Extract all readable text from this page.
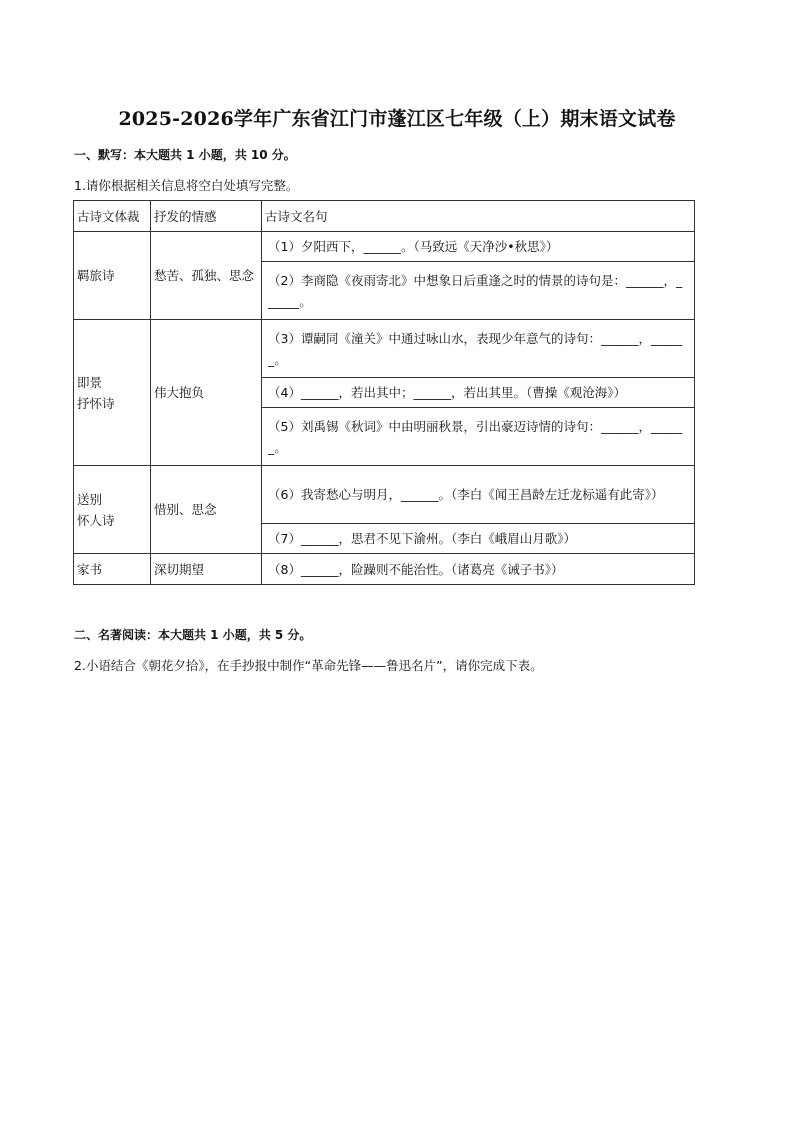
2025-2026学年广东省江门市蓬江区七年级（上）期末语文试卷
一、默写：本大题共 1 小题，共 10 分。
1.请你根据相关信息将空白处填写完整。
古诗文体裁	抒发的情感	古诗文名句
羁旅诗	愁苦、孤独、思念	（1）夕阳西下，______。（马致远《天净沙•秋思》）
		（2）李商隐《夜雨寄北》中想象日后重逢之时的情景的诗句是：______，______。
即景
抒怀诗	伟大抱负	（3）谭嗣同《潼关》中通过咏山水，表现少年意气的诗句：______，______。
		（4）______，若出其中；______，若出其里。（曹操《观沧海》）
		（5）刘禹锡《秋词》中由明丽秋景，引出豪迈诗情的诗句：______，______。
送别
怀人诗	惜别、思念	（6）我寄愁心与明月，______。（李白《闻王昌龄左迁龙标遥有此寄》）
		（7）______，思君不见下渝州。（李白《峨眉山月歌》）
家书	深切期望	（8）______，险躁则不能治性。（诸葛亮《诫子书》）
二、名著阅读：本大题共 1 小题，共 5 分。
2.小语结合《朝花夕拾》，在手抄报中制作“革命先锋——鲁迅名片”，请你完成下表。
